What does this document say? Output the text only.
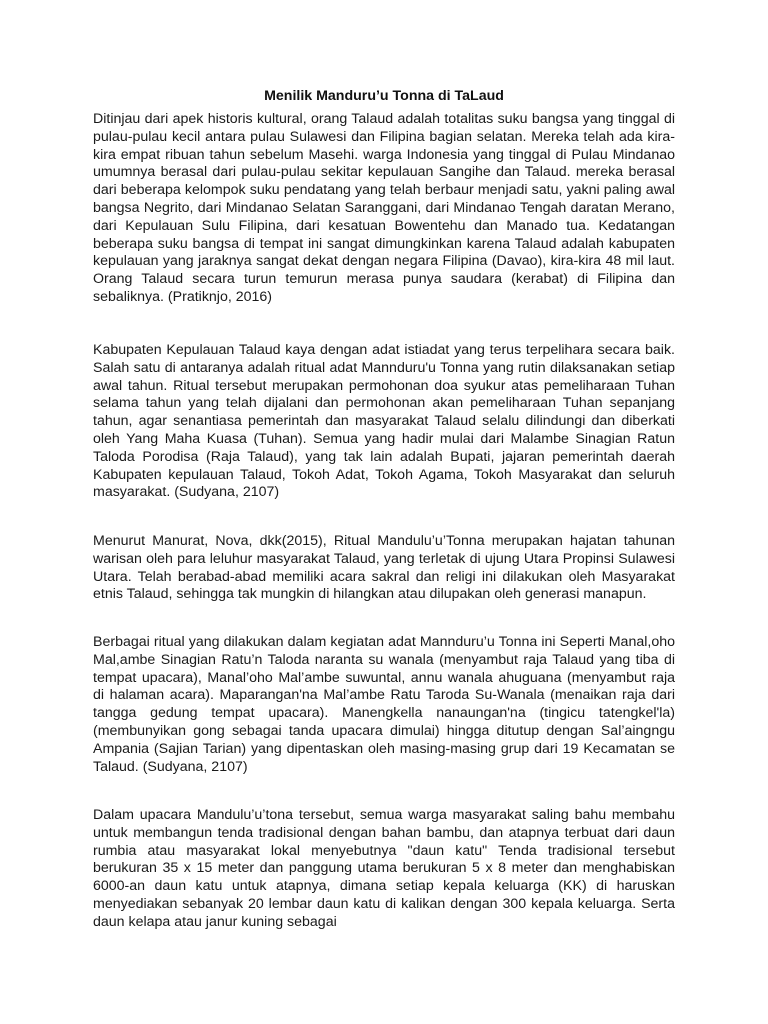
Menilik Manduru’u Tonna di TaLaud

Ditinjau dari apek historis kultural, orang Talaud adalah totalitas suku bangsa yang tinggal di pulau-pulau kecil antara pulau Sulawesi dan Filipina bagian selatan. Mereka telah ada kira-kira empat ribuan tahun sebelum Masehi. warga Indonesia yang tinggal di Pulau Mindanao umumnya berasal dari pulau-pulau sekitar kepulauan Sangihe dan Talaud. mereka berasal dari beberapa kelompok suku pendatang yang telah berbaur menjadi satu, yakni paling awal bangsa Negrito, dari Mindanao Selatan Saranggani, dari Mindanao Tengah daratan Merano, dari Kepulauan Sulu Filipina, dari kesatuan Bowentehu dan Manado tua. Kedatangan beberapa suku bangsa di tempat ini sangat dimungkinkan karena Talaud adalah kabupaten kepulauan yang jaraknya sangat dekat dengan negara Filipina (Davao), kira-kira 48 mil laut. Orang Talaud secara turun temurun merasa punya saudara (kerabat) di Filipina dan sebaliknya. (Pratiknjo, 2016)

Kabupaten Kepulauan Talaud kaya dengan adat istiadat yang terus terpelihara secara baik. Salah satu di antaranya adalah ritual adat Mannduru'u Tonna yang rutin dilaksanakan setiap awal tahun. Ritual tersebut merupakan permohonan doa syukur atas pemeliharaan Tuhan selama tahun yang telah dijalani dan permohonan akan pemeliharaan Tuhan sepanjang tahun, agar senantiasa pemerintah dan masyarakat Talaud selalu dilindungi dan diberkati oleh Yang Maha Kuasa (Tuhan). Semua yang hadir mulai dari Malambe Sinagian Ratun Taloda Porodisa (Raja Talaud), yang tak lain adalah Bupati, jajaran pemerintah daerah Kabupaten kepulauan Talaud, Tokoh Adat, Tokoh Agama, Tokoh Masyarakat dan seluruh masyarakat. (Sudyana, 2107)

Menurut Manurat, Nova, dkk(2015), Ritual Mandulu’u’Tonna merupakan hajatan tahunan warisan oleh para leluhur masyarakat Talaud, yang terletak di ujung Utara Propinsi Sulawesi Utara. Telah berabad-abad memiliki acara sakral dan religi ini dilakukan oleh Masyarakat etnis Talaud, sehingga tak mungkin di hilangkan atau dilupakan oleh generasi manapun.

Berbagai ritual yang dilakukan dalam kegiatan adat Mannduru’u Tonna ini Seperti Manal,oho Mal,ambe Sinagian Ratu’n Taloda naranta su wanala (menyambut raja Talaud yang tiba di tempat upacara), Manal’oho Mal’ambe suwuntal, annu wanala ahuguana (menyambut raja di halaman acara). Maparangan'na Mal’ambe Ratu Taroda Su-Wanala (menaikan raja dari tangga gedung tempat upacara). Manengkella nanaungan'na (tingicu tatengkel'la) (membunyikan gong sebagai tanda upacara dimulai) hingga ditutup dengan Sal’aingngu Ampania (Sajian Tarian) yang dipentaskan oleh masing-masing grup dari 19 Kecamatan se Talaud. (Sudyana, 2107)

Dalam upacara Mandulu’u’tona tersebut, semua warga masyarakat saling bahu membahu untuk membangun tenda tradisional dengan bahan bambu, dan atapnya terbuat dari daun rumbia atau masyarakat lokal menyebutnya "daun katu" Tenda tradisional tersebut berukuran 35 x 15 meter dan panggung utama berukuran 5 x 8 meter dan menghabiskan 6000-an daun katu untuk atapnya, dimana setiap kepala keluarga (KK) di haruskan menyediakan sebanyak 20 lembar daun katu di kalikan dengan 300 kepala keluarga. Serta daun kelapa atau janur kuning sebagai
